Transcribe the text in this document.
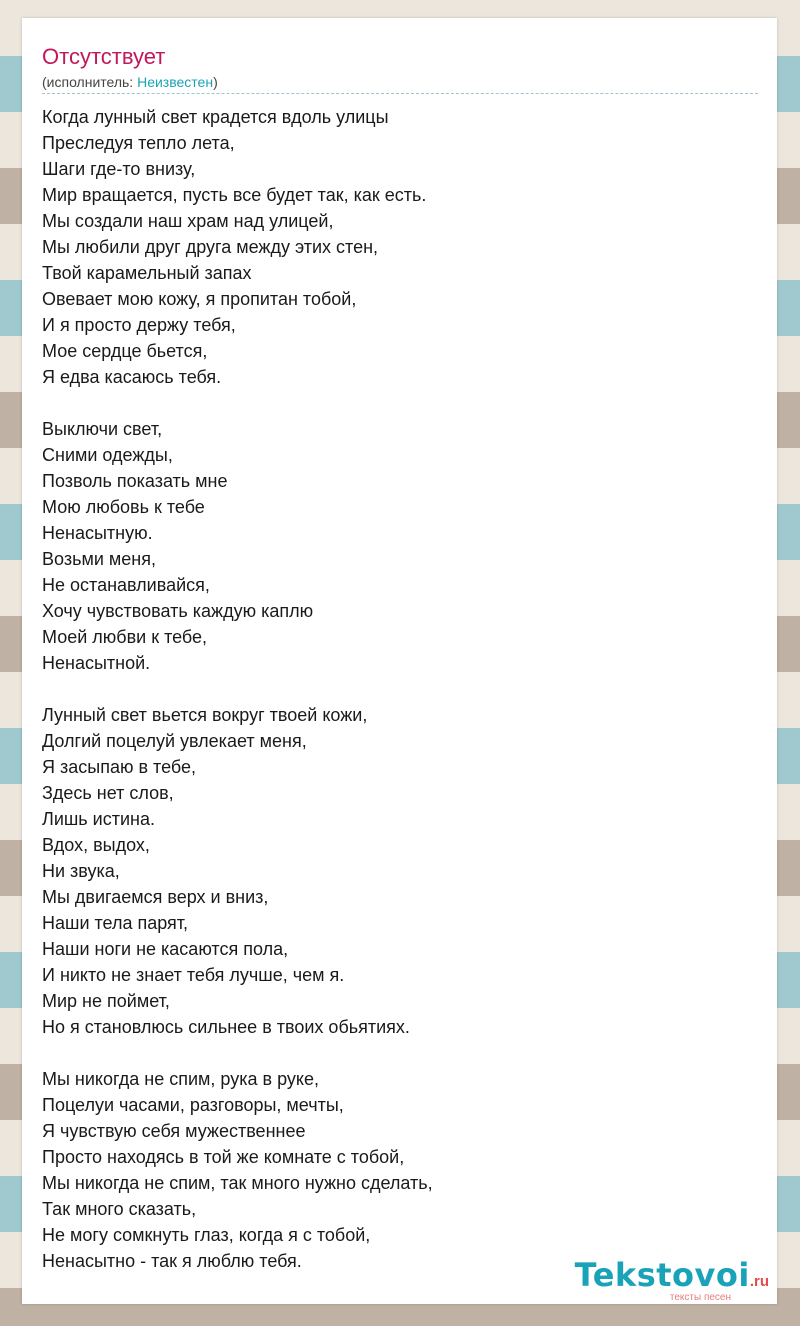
Отсутствует
(исполнитель: Неизвестен)
Когда лунный свет крадется вдоль улицы
Преследуя тепло лета,
Шаги где-то внизу,
Мир вращается, пусть все будет так, как есть.
Мы создали наш храм над улицей,
Мы любили друг друга между этих стен,
Твой карамельный запах
Овевает мою кожу, я пропитан тобой,
И я просто держу тебя,
Мое сердце бьется,
Я едва касаюсь тебя.
Выключи свет,
Сними одежды,
Позволь показать мне
Мою любовь к тебе
Ненасытную.
Возьми меня,
Не останавливайся,
Хочу чувствовать каждую каплю
Моей любви к тебе,
Ненасытной.
Лунный свет вьется вокруг твоей кожи,
Долгий поцелуй увлекает меня,
Я засыпаю в тебе,
Здесь нет слов,
Лишь истина.
Вдох, выдох,
Ни звука,
Мы двигаемся верх и вниз,
Наши тела парят,
Наши ноги не касаются пола,
И никто не знает тебя лучше, чем я.
Мир не поймет,
Но я становлюсь сильнее в твоих обьятиях.
Мы никогда не спим, рука в руке,
Поцелуи часами, разговоры, мечты,
Я чувствую себя мужественнее
Просто находясь в той же комнате с тобой,
Мы никогда не спим, так много нужно сделать,
Так много сказать,
Не могу сомкнуть глаз, когда я с тобой,
Ненасытно - так я люблю тебя.	Tekstovoi.ru
тексты песен
